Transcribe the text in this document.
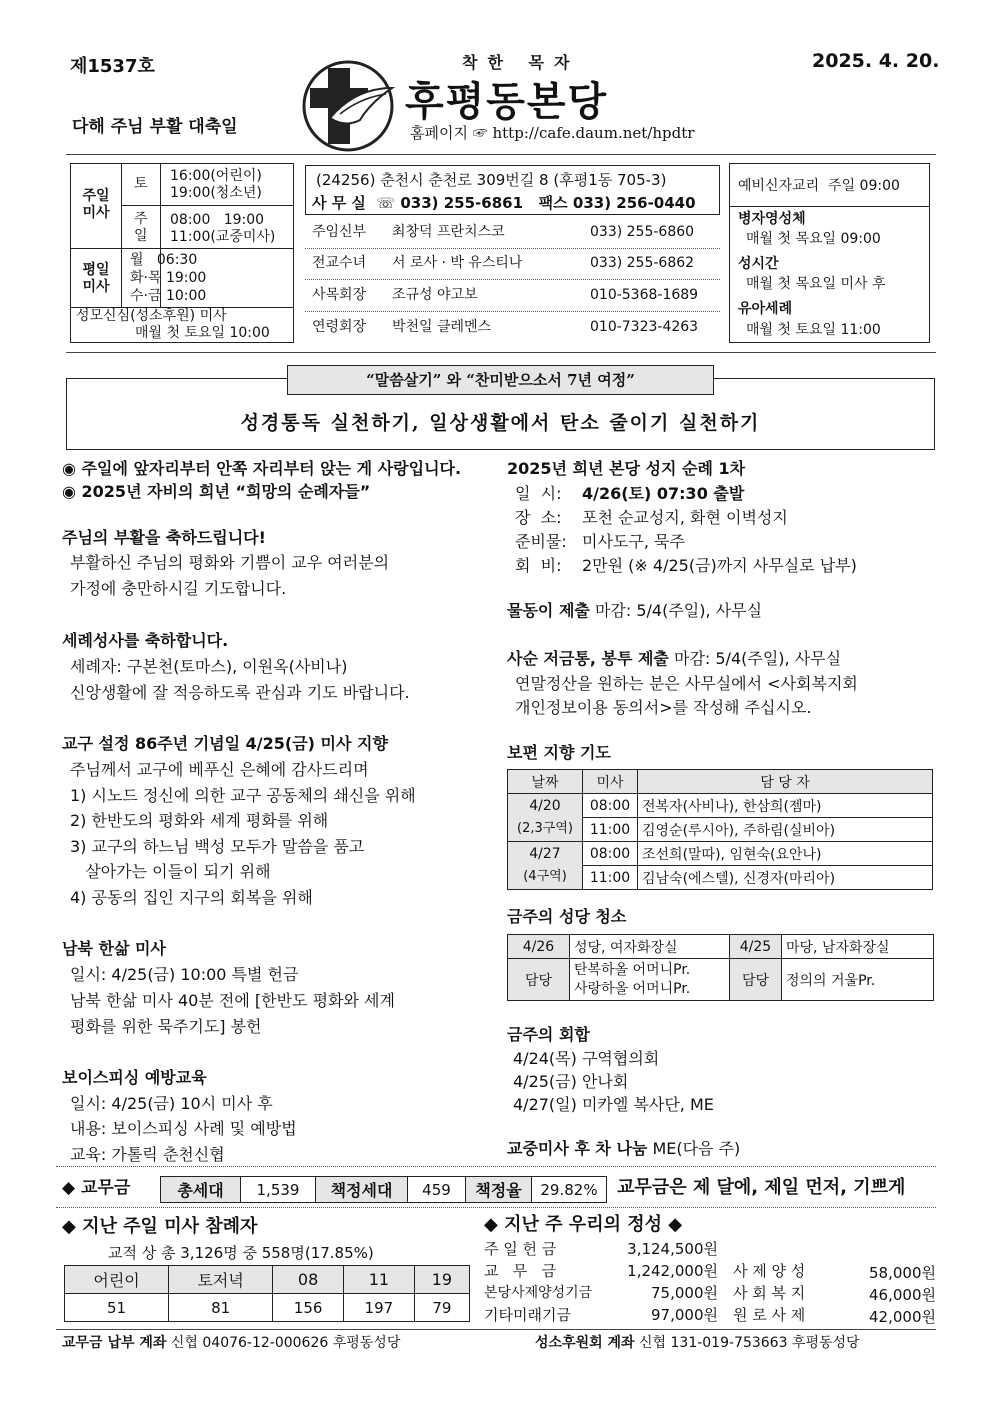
제1537호	2025. 4. 20.
다해 주님 부활 대축일
착한 목자
후평동본당
홈페이지 ☞ http://cafe.daum.net/hpdtr
주일
미사
토 16:00(어린이)
19:00(청소년)
주
일
08:00   19:00
11:00(교중미사)
평일
미사
월   06:30
화·목 19:00
수·금 10:00
성모신심(성소후원) 미사
매월 첫 토요일 10:00
(24256) 춘천시 춘천로 309번길 8 (후평1동 705-3)
사 무 실  ☏ 033) 255-6861   팩스 033) 256-0440
주임신부 최창덕 프란치스코	033) 255-6860
전교수녀 서 로사 · 박 유스티나	033) 255-6862
사목회장 조규성 야고보	010-5368-1689
연령회장 박천일 클레멘스	010-7323-4263
예비신자교리  주일 09:00
병자영성체
매월 첫 목요일 09:00
성시간
매월 첫 목요일 미사 후
유아세례
매월 첫 토요일 11:00
“말씀살기” 와 “찬미받으소서 7년 여정”
성경통독 실천하기, 일상생활에서 탄소 줄이기 실천하기
◉ 주일에 앞자리부터 안쪽 자리부터 앉는 게 사랑입니다.
◉ 2025년 자비의 희년 “희망의 순례자들”
주님의 부활을 축하드립니다!
부활하신 주님의 평화와 기쁨이 교우 여러분의
가정에 충만하시길 기도합니다.
세례성사를 축하합니다.
세례자: 구본천(토마스), 이원옥(사비나)
신앙생활에 잘 적응하도록 관심과 기도 바랍니다.
교구 설정 86주년 기념일 4/25(금) 미사 지향
주님께서 교구에 베푸신 은혜에 감사드리며
1) 시노드 정신에 의한 교구 공동체의 쇄신을 위해
2) 한반도의 평화와 세계 평화를 위해
3) 교구의 하느님 백성 모두가 말씀을 품고
살아가는 이들이 되기 위해
4) 공동의 집인 지구의 회복을 위해
남북 한삶 미사
일시: 4/25(금) 10:00 특별 헌금
남북 한삶 미사 40분 전에 [한반도 평화와 세계
평화를 위한 묵주기도] 봉헌
보이스피싱 예방교육
일시: 4/25(금) 10시 미사 후
내용: 보이스피싱 사례 및 예방법
교육: 가톨릭 춘천신협
2025년 희년 본당 성지 순례 1차
일  시: 4/26(토) 07:30 출발
장  소: 포천 순교성지, 화현 이벽성지
준비물: 미사도구, 묵주
회  비: 2만원 (※ 4/25(금)까지 사무실로 납부)
물동이 제출 마감: 5/4(주일), 사무실
사순 저금통, 봉투 제출 마감: 5/4(주일), 사무실
연말정산을 원하는 분은 사무실에서 <사회복지회
개인정보이용 동의서>를 작성해 주십시오.
보편 지향 기도
날짜	미사	담 당 자
4/20
(2,3구역)	08:00	전복자(사비나), 한삼희(젬마)
	11:00	김영순(루시아), 주하림(실비아)
4/27
(4구역)	08:00	조선희(말따), 임현숙(요안나)
	11:00	김남숙(에스텔), 신경자(마리아)
금주의 성당 청소
4/26	성당, 여자화장실	4/25	마당, 남자화장실
담당	탄복하올 어머니Pr.
사랑하올 어머니Pr.	담당	정의의 거울Pr.
금주의 회합
4/24(목) 구역협의회
4/25(금) 안나회
4/27(일) 미카엘 복사단, ME
교중미사 후 차 나눔 ME(다음 주)
◆ 교무금	총세대	1,539	책정세대	459	책정율	29.82% 교무금은 제 달에, 제일 먼저, 기쁘게
◆ 지난 주일 미사 참례자
교적 상 총 3,126명 중 558명(17.85%)
어린이	토저녁	08	11	19
51	81	156	197	79
◆ 지난 주 우리의 정성 ◆
주 일 헌 금	3,124,500원
교   무   금	1,242,000원 사 제 양 성	58,000원
본당사제양성기금	75,000원 사 회 복 지	46,000원
기타미래기금	97,000원 원 로 사 제	42,000원
교무금 납부 계좌 신협 04076-12-000626 후평동성당	성소후원회 계좌 신협 131-019-753663 후평동성당
